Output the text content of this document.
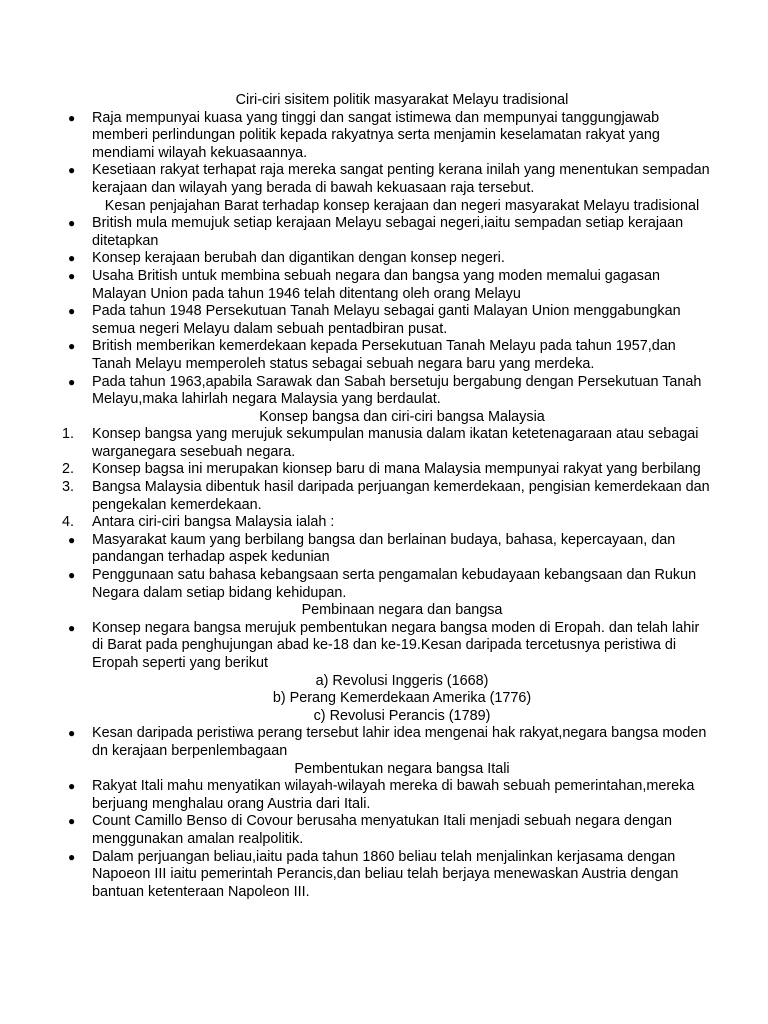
Ciri-ciri sisitem politik masyarakat Melayu tradisional
●	Raja mempunyai kuasa yang tinggi dan sangat istimewa dan mempunyai tanggungjawab memberi perlindungan politik kepada rakyatnya serta menjamin keselamatan rakyat yang mendiami wilayah kekuasaannya.
●	Kesetiaan rakyat terhapat raja mereka sangat penting kerana inilah yang menentukan sempadan kerajaan dan wilayah yang berada di bawah kekuasaan raja tersebut.
Kesan penjajahan Barat terhadap konsep kerajaan dan negeri masyarakat Melayu tradisional
●	British mula memujuk setiap kerajaan Melayu sebagai negeri,iaitu sempadan setiap kerajaan ditetapkan
●	Konsep kerajaan berubah dan digantikan dengan konsep negeri.
●	Usaha British untuk membina sebuah negara dan bangsa yang moden memalui gagasan Malayan Union pada tahun 1946 telah ditentang oleh orang Melayu
●	Pada tahun 1948 Persekutuan Tanah Melayu sebagai ganti Malayan Union menggabungkan semua negeri Melayu dalam sebuah pentadbiran pusat.
●	British memberikan kemerdekaan kepada Persekutuan Tanah Melayu pada tahun 1957,dan Tanah Melayu memperoleh status sebagai sebuah negara baru yang merdeka.
●	Pada tahun 1963,apabila Sarawak dan Sabah bersetuju bergabung dengan Persekutuan Tanah Melayu,maka lahirlah negara Malaysia yang berdaulat.
Konsep bangsa dan ciri-ciri bangsa Malaysia
1.	Konsep bangsa yang merujuk sekumpulan manusia dalam ikatan ketetenagaraan atau sebagai warganegara sesebuah negara.
2.	Konsep bagsa ini merupakan kionsep baru di mana Malaysia mempunyai rakyat yang berbilang
3.	Bangsa Malaysia dibentuk hasil daripada perjuangan kemerdekaan, pengisian kemerdekaan dan pengekalan kemerdekaan.
4.	Antara ciri-ciri bangsa Malaysia ialah :
●	Masyarakat kaum yang berbilang bangsa dan berlainan budaya, bahasa, kepercayaan, dan pandangan terhadap aspek kedunian
●	Penggunaan satu bahasa kebangsaan serta pengamalan kebudayaan kebangsaan dan Rukun Negara dalam setiap bidang kehidupan.
Pembinaan negara dan bangsa
●	Konsep negara bangsa merujuk pembentukan negara bangsa moden di Eropah. dan telah lahir di Barat pada penghujungan abad ke-18 dan ke-19.Kesan daripada tercetusnya peristiwa di Eropah seperti yang berikut
a) Revolusi Inggeris (1668)
b) Perang Kemerdekaan Amerika (1776)
c) Revolusi Perancis (1789)
●	Kesan daripada peristiwa perang tersebut lahir idea mengenai hak rakyat,negara bangsa moden dn kerajaan berpenlembagaan
Pembentukan negara bangsa Itali
●	Rakyat Itali mahu menyatikan wilayah-wilayah mereka di bawah sebuah pemerintahan,mereka berjuang menghalau orang Austria dari Itali.
●	Count Camillo Benso di Covour berusaha menyatukan Itali menjadi sebuah negara dengan menggunakan amalan realpolitik.
●	Dalam perjuangan beliau,iaitu pada tahun 1860 beliau telah menjalinkan kerjasama dengan Napoeon III iaitu pemerintah Perancis,dan beliau telah berjaya menewaskan Austria dengan bantuan ketenteraan Napoleon III.
